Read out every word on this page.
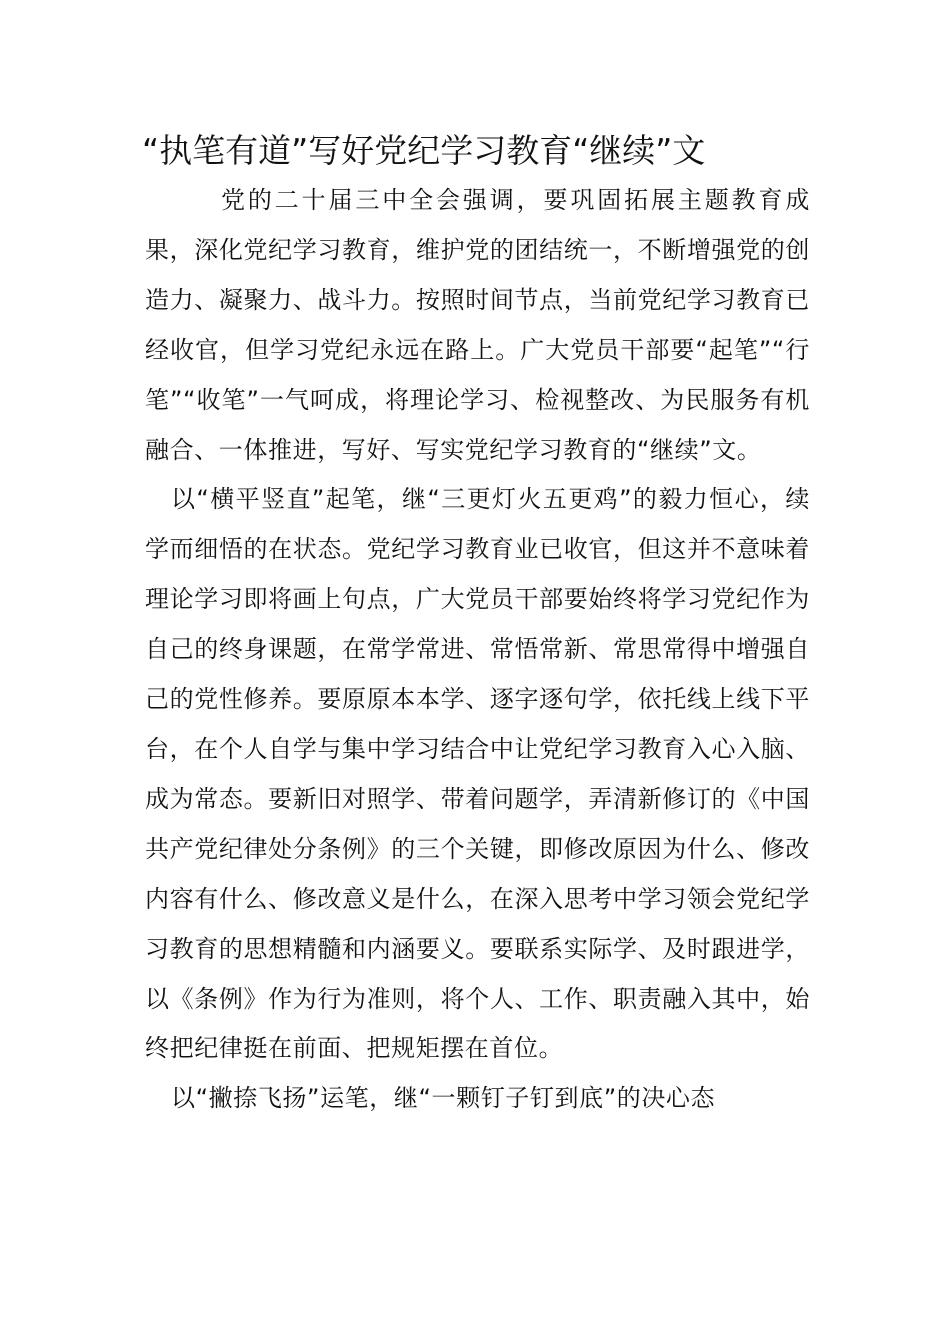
“执笔有道”写好党纪学习教育“继续”文

党的二十届三中全会强调，要巩固拓展主题教育成果，深化党纪学习教育，维护党的团结统一，不断增强党的创造力、凝聚力、战斗力。按照时间节点，当前党纪学习教育已经收官，但学习党纪永远在路上。广大党员干部要“起笔”“行笔”“收笔”一气呵成，将理论学习、检视整改、为民服务有机融合、一体推进，写好、写实党纪学习教育的“继续”文。

以“横平竖直”起笔，继“三更灯火五更鸡”的毅力恒心，续学而细悟的在状态。党纪学习教育业已收官，但这并不意味着理论学习即将画上句点，广大党员干部要始终将学习党纪作为自己的终身课题，在常学常进、常悟常新、常思常得中增强自己的党性修养。要原原本本学、逐字逐句学，依托线上线下平台，在个人自学与集中学习结合中让党纪学习教育入心入脑、成为常态。要新旧对照学、带着问题学，弄清新修订的《中国共产党纪律处分条例》的三个关键，即修改原因为什么、修改内容有什么、修改意义是什么，在深入思考中学习领会党纪学习教育的思想精髓和内涵要义。要联系实际学、及时跟进学，以《条例》作为行为准则，将个人、工作、职责融入其中，始终把纪律挺在前面、把规矩摆在首位。

以“撇捺飞扬”运笔，继“一颗钉子钉到底”的决心态
